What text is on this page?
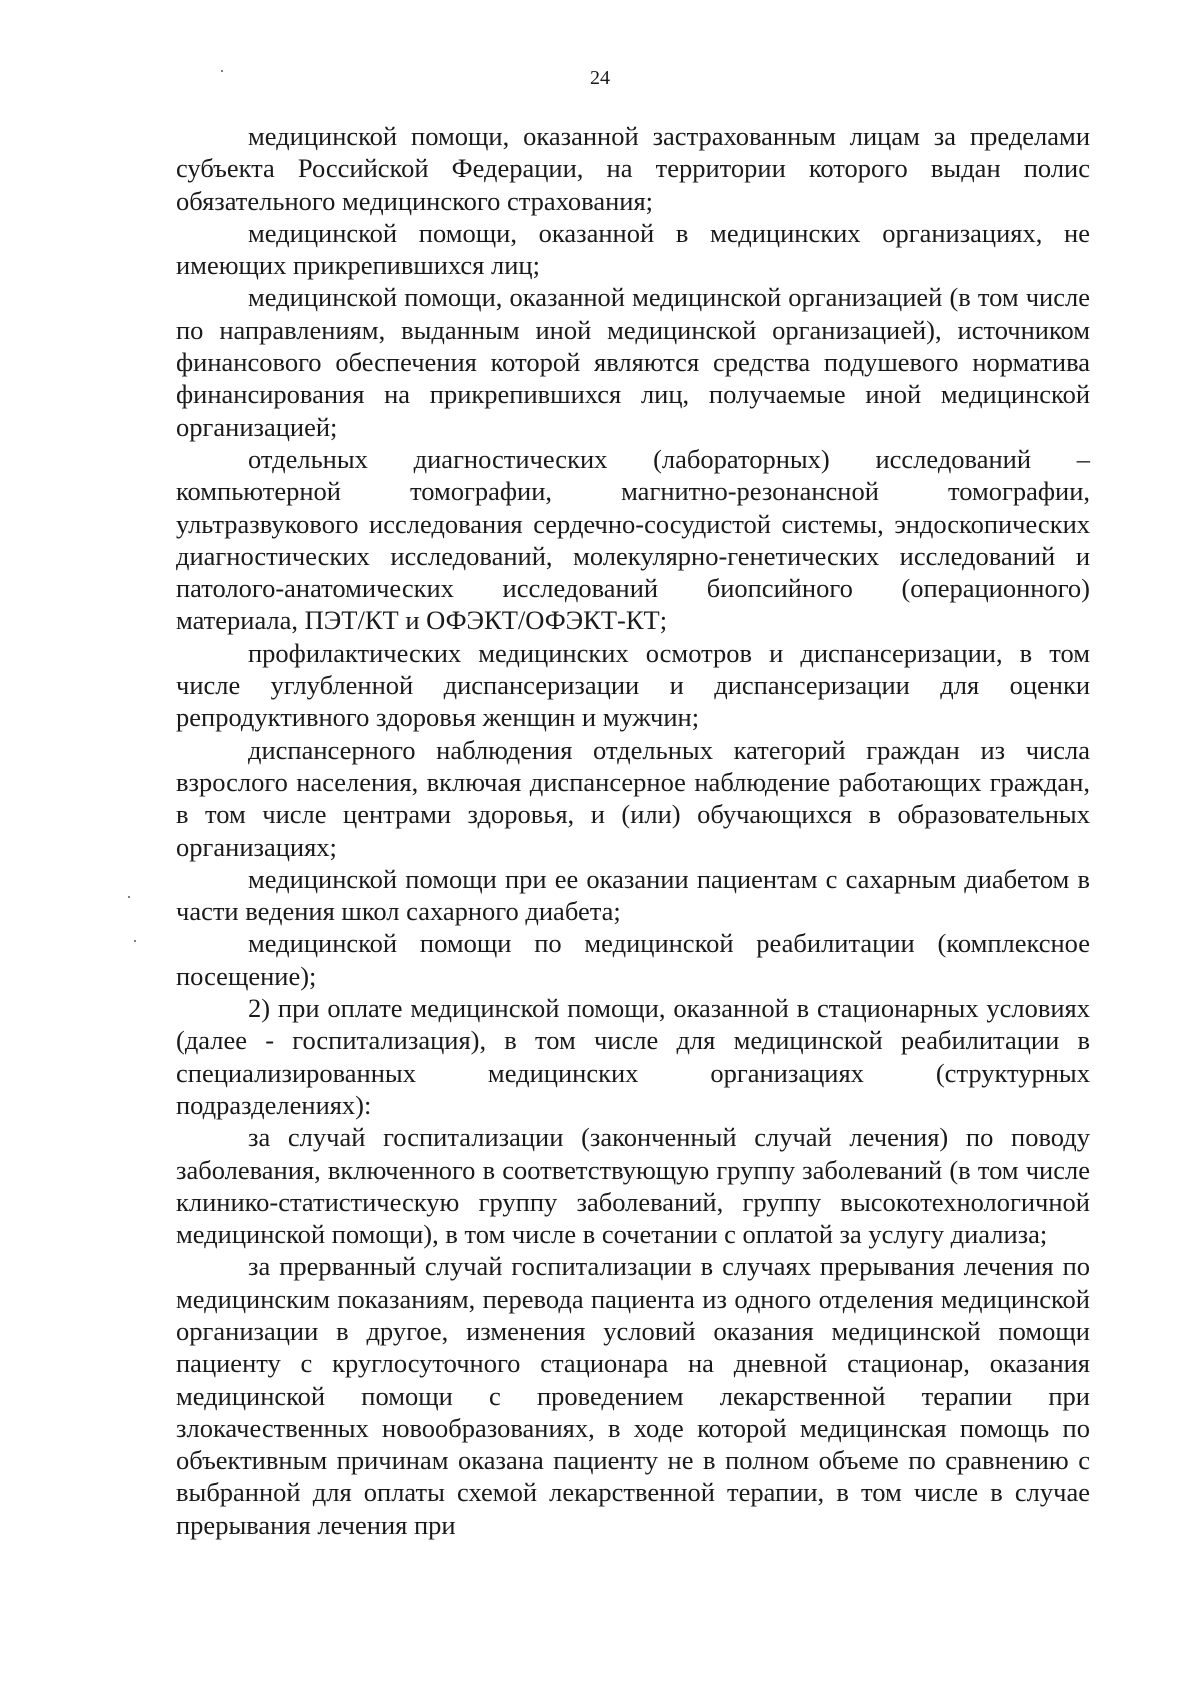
24

медицинской помощи, оказанной застрахованным лицам за пределами субъекта Российской Федерации, на территории которого выдан полис обязательного медицинского страхования;

медицинской помощи, оказанной в медицинских организациях, не имеющих прикрепившихся лиц;

медицинской помощи, оказанной медицинской организацией (в том числе по направлениям, выданным иной медицинской организацией), источником финансового обеспечения которой являются средства подушевого норматива финансирования на прикрепившихся лиц, получаемые иной медицинской организацией;

отдельных диагностических (лабораторных) исследований – компьютерной томографии, магнитно-резонансной томографии, ультразвукового исследования сердечно-сосудистой системы, эндоскопических диагностических исследований, молекулярно-генетических исследований и патолого-анатомических исследований биопсийного (операционного) материала, ПЭТ/КТ и ОФЭКТ/ОФЭКТ-КТ;

профилактических медицинских осмотров и диспансеризации, в том числе углубленной диспансеризации и диспансеризации для оценки репродуктивного здоровья женщин и мужчин;

диспансерного наблюдения отдельных категорий граждан из числа взрослого населения, включая диспансерное наблюдение работающих граждан, в том числе центрами здоровья, и (или) обучающихся в образовательных организациях;

медицинской помощи при ее оказании пациентам с сахарным диабетом в части ведения школ сахарного диабета;

медицинской помощи по медицинской реабилитации (комплексное посещение);

2) при оплате медицинской помощи, оказанной в стационарных условиях (далее - госпитализация), в том числе для медицинской реабилитации в специализированных медицинских организациях (структурных подразделениях):

за случай госпитализации (законченный случай лечения) по поводу заболевания, включенного в соответствующую группу заболеваний (в том числе клинико-статистическую группу заболеваний, группу высокотехнологичной медицинской помощи), в том числе в сочетании с оплатой за услугу диализа;

за прерванный случай госпитализации в случаях прерывания лечения по медицинским показаниям, перевода пациента из одного отделения медицинской организации в другое, изменения условий оказания медицинской помощи пациенту с круглосуточного стационара на дневной стационар, оказания медицинской помощи с проведением лекарственной терапии при злокачественных новообразованиях, в ходе которой медицинская помощь по объективным причинам оказана пациенту не в полном объеме по сравнению с выбранной для оплаты схемой лекарственной терапии, в том числе в случае прерывания лечения при
